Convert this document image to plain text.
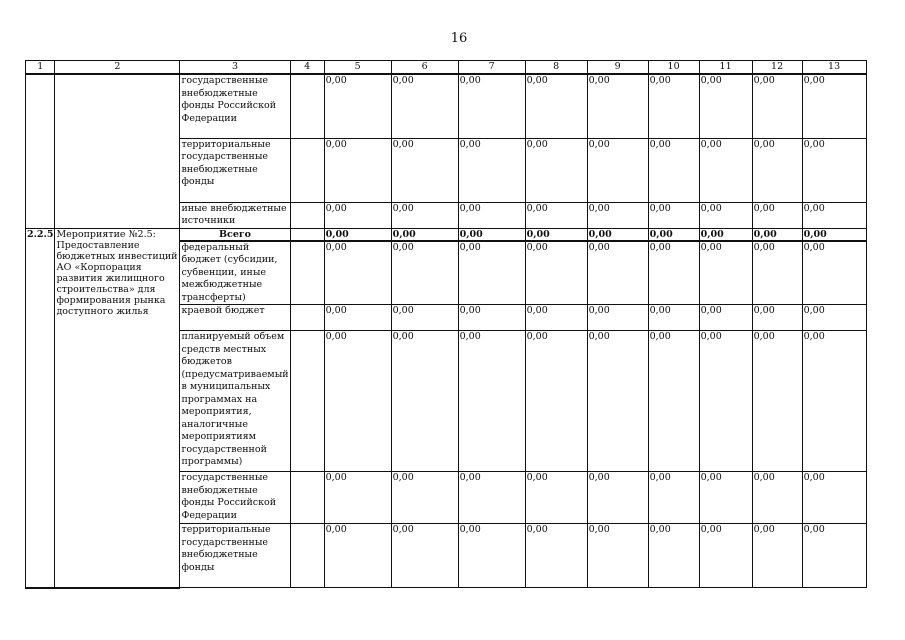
16
1	2	3	4	5	6	7	8	9	10	11	12	13
		государственные внебюджетные фонды Российской Федерации		0,00	0,00	0,00	0,00	0,00	0,00	0,00	0,00	0,00
		территориальные государственные внебюджетные фонды		0,00	0,00	0,00	0,00	0,00	0,00	0,00	0,00	0,00
		иные внебюджетные источники		0,00	0,00	0,00	0,00	0,00	0,00	0,00	0,00	0,00
2.2.5	Мероприятие №2.5: Предоставление бюджетных инвестиций АО «Корпорация развития жилищного строительства» для формирования рынка доступного жилья	Всего		0,00	0,00	0,00	0,00	0,00	0,00	0,00	0,00	0,00
		федеральный бюджет (субсидии, субвенции, иные межбюджетные трансферты)		0,00	0,00	0,00	0,00	0,00	0,00	0,00	0,00	0,00
		краевой бюджет		0,00	0,00	0,00	0,00	0,00	0,00	0,00	0,00	0,00
		планируемый объем средств местных бюджетов (предусматриваемый в муниципальных программах на мероприятия, аналогичные мероприятиям государственной программы)		0,00	0,00	0,00	0,00	0,00	0,00	0,00	0,00	0,00
		государственные внебюджетные фонды Российской Федерации		0,00	0,00	0,00	0,00	0,00	0,00	0,00	0,00	0,00
		территориальные государственные внебюджетные фонды		0,00	0,00	0,00	0,00	0,00	0,00	0,00	0,00	0,00
